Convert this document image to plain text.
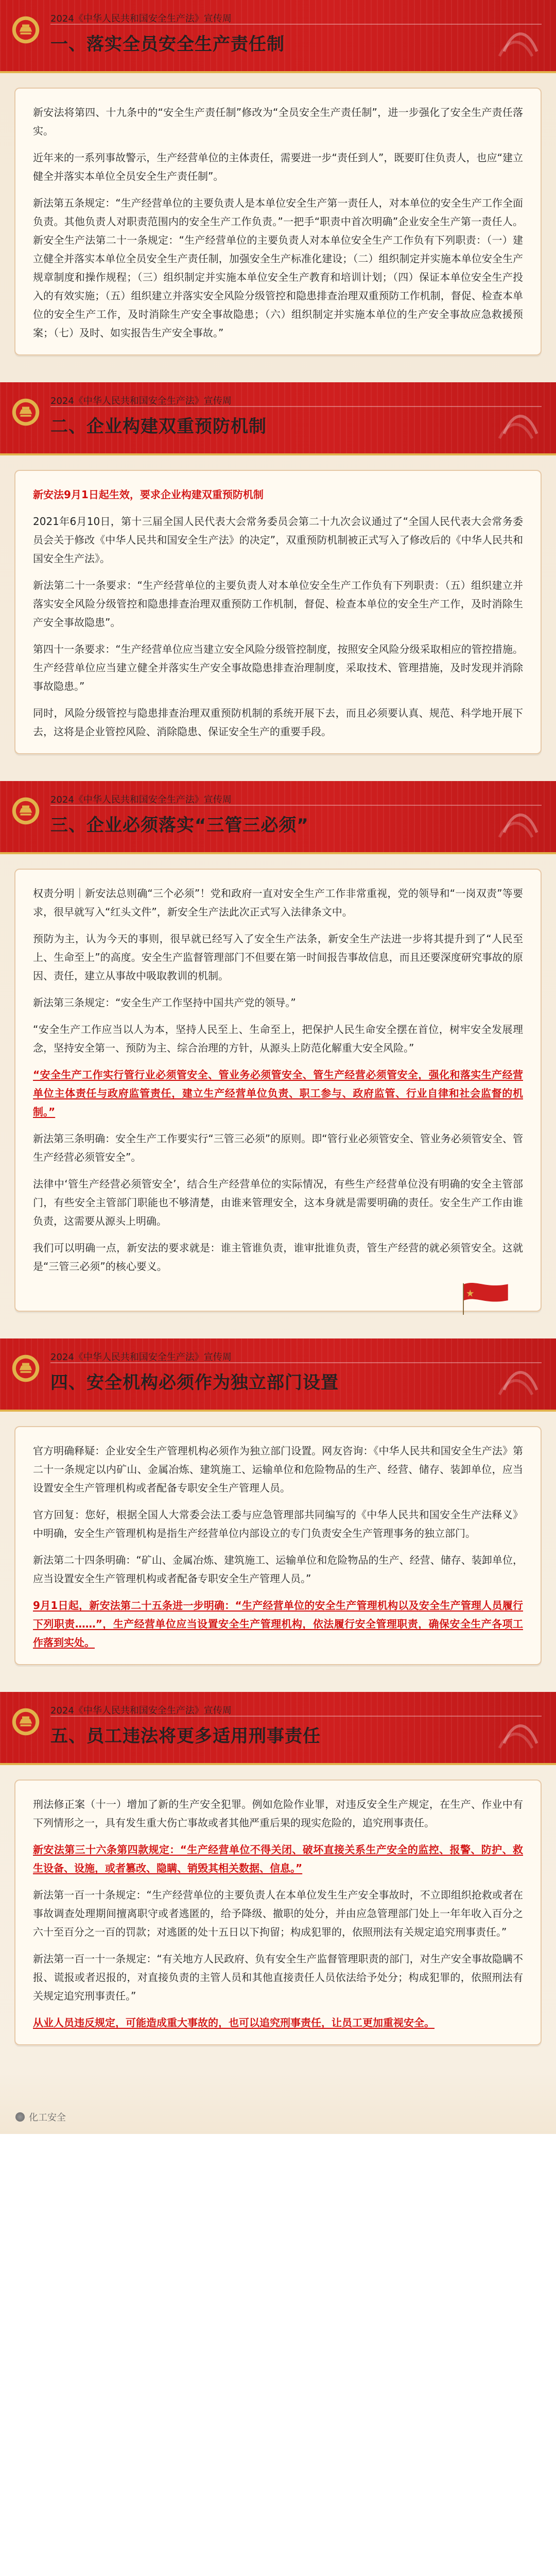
2024《中华人民共和国安全生产法》宣传周
一、落实全员安全生产责任制

新安法将第四、十九条中的“安全生产责任制”修改为“全员安全生产责任制”，进一步强化了安全生产责任落实。

近年来的一系列事故警示，生产经营单位的主体责任，需要进一步“责任到人”，既要盯住负责人，也应“建立健全并落实本单位全员安全生产责任制”。

新法第五条规定：“生产经营单位的主要负责人是本单位安全生产第一责任人，对本单位的安全生产工作全面负责。其他负责人对职责范围内的安全生产工作负责。”一把手“职责中首次明确”企业安全生产第一责任人。新安全生产法第二十一条规定：“生产经营单位的主要负责人对本单位安全生产工作负有下列职责：（一）建立健全并落实本单位全员安全生产责任制，加强安全生产标准化建设；（二）组织制定并实施本单位安全生产规章制度和操作规程；（三）组织制定并实施本单位安全生产教育和培训计划；（四）保证本单位安全生产投入的有效实施；（五）组织建立并落实安全风险分级管控和隐患排查治理双重预防工作机制，督促、检查本单位的安全生产工作，及时消除生产安全事故隐患；（六）组织制定并实施本单位的生产安全事故应急救援预案；（七）及时、如实报告生产安全事故。”

2024《中华人民共和国安全生产法》宣传周
二、企业构建双重预防机制

新安法9月1日起生效，要求企业构建双重预防机制

2021年6月10日，第十三届全国人民代表大会常务委员会第二十九次会议通过了“全国人民代表大会常务委员会关于修改《中华人民共和国安全生产法》的决定”，双重预防机制被正式写入了修改后的《中华人民共和国安全生产法》。

新法第二十一条要求：“生产经营单位的主要负责人对本单位安全生产工作负有下列职责：（五）组织建立并落实安全风险分级管控和隐患排查治理双重预防工作机制，督促、检查本单位的安全生产工作，及时消除生产安全事故隐患”。

第四十一条要求：“生产经营单位应当建立安全风险分级管控制度，按照安全风险分级采取相应的管控措施。生产经营单位应当建立健全并落实生产安全事故隐患排查治理制度，采取技术、管理措施，及时发现并消除事故隐患。”

同时，风险分级管控与隐患排查治理双重预防机制的系统开展下去，而且必须要认真、规范、科学地开展下去，这将是企业管控风险、消除隐患、保证安全生产的重要手段。

2024《中华人民共和国安全生产法》宣传周
三、企业必须落实“三管三必须”

权责分明｜新安法总则确“三个必须”！党和政府一直对安全生产工作非常重视，党的领导和“一岗双责”等要求，很早就写入“红头文件”，新安全生产法此次正式写入法律条文中。

预防为主，认为今天的事则，很早就已经写入了安全生产法条，新安全生产法进一步将其提升到了“人民至上、生命至上”的高度。安全生产监督管理部门不但要在第一时间报告事故信息，而且还要深度研究事故的原因、责任，建立从事故中吸取教训的机制。

新法第三条规定：“安全生产工作坚持中国共产党的领导。”

“安全生产工作应当以人为本，坚持人民至上、生命至上，把保护人民生命安全摆在首位，树牢安全发展理念，坚持安全第一、预防为主、综合治理的方针，从源头上防范化解重大安全风险。”

“安全生产工作实行管行业必须管安全、管业务必须管安全、管生产经营必须管安全，强化和落实生产经营单位主体责任与政府监管责任，建立生产经营单位负责、职工参与、政府监管、行业自律和社会监督的机制。”

新法第三条明确：安全生产工作要实行“三管三必须”的原则。即“管行业必须管安全、管业务必须管安全、管生产经营必须管安全”。

法律中‘管生产经营必须管安全’，结合生产经营单位的实际情况，有些生产经营单位没有明确的安全主管部门，有些安全主管部门职能也不够清楚，由谁来管理安全，这本身就是需要明确的责任。安全生产工作由谁负责，这需要从源头上明确。

我们可以明确一点，新安法的要求就是：谁主管谁负责，谁审批谁负责，管生产经营的就必须管安全。这就是“三管三必须”的核心要义。

2024《中华人民共和国安全生产法》宣传周
四、安全机构必须作为独立部门设置

官方明确释疑：企业安全生产管理机构必须作为独立部门设置。网友咨询：《中华人民共和国安全生产法》第二十一条规定以内矿山、金属冶炼、建筑施工、运输单位和危险物品的生产、经营、储存、装卸单位，应当设置安全生产管理机构或者配备专职安全生产管理人员。

官方回复：您好，根据全国人大常委会法工委与应急管理部共同编写的《中华人民共和国安全生产法释义》中明确，安全生产管理机构是指生产经营单位内部设立的专门负责安全生产管理事务的独立部门。

新法第二十四条明确：“矿山、金属冶炼、建筑施工、运输单位和危险物品的生产、经营、储存、装卸单位，应当设置安全生产管理机构或者配备专职安全生产管理人员。”

9月1日起，新安法第二十五条进一步明确：“生产经营单位的安全生产管理机构以及安全生产管理人员履行下列职责……”，生产经营单位应当设置安全生产管理机构，依法履行安全管理职责，确保安全生产各项工作落到实处。

2024《中华人民共和国安全生产法》宣传周
五、员工违法将更多适用刑事责任

刑法修正案（十一）增加了新的生产安全犯罪。例如危险作业罪，对违反安全生产规定，在生产、作业中有下列情形之一，具有发生重大伤亡事故或者其他严重后果的现实危险的，追究刑事责任。

新安法第三十六条第四款规定：“生产经营单位不得关闭、破坏直接关系生产安全的监控、报警、防护、救生设备、设施，或者篡改、隐瞒、销毁其相关数据、信息。”

新法第一百一十条规定：“生产经营单位的主要负责人在本单位发生生产安全事故时，不立即组织抢救或者在事故调查处理期间擅离职守或者逃匿的，给予降级、撤职的处分，并由应急管理部门处上一年年收入百分之六十至百分之一百的罚款；对逃匿的处十五日以下拘留；构成犯罪的，依照刑法有关规定追究刑事责任。”

新法第一百一十一条规定：“有关地方人民政府、负有安全生产监督管理职责的部门，对生产安全事故隐瞒不报、谎报或者迟报的，对直接负责的主管人员和其他直接责任人员依法给予处分；构成犯罪的，依照刑法有关规定追究刑事责任。”

从业人员违反规定，可能造成重大事故的，也可以追究刑事责任，让员工更加重视安全。

化工安全
